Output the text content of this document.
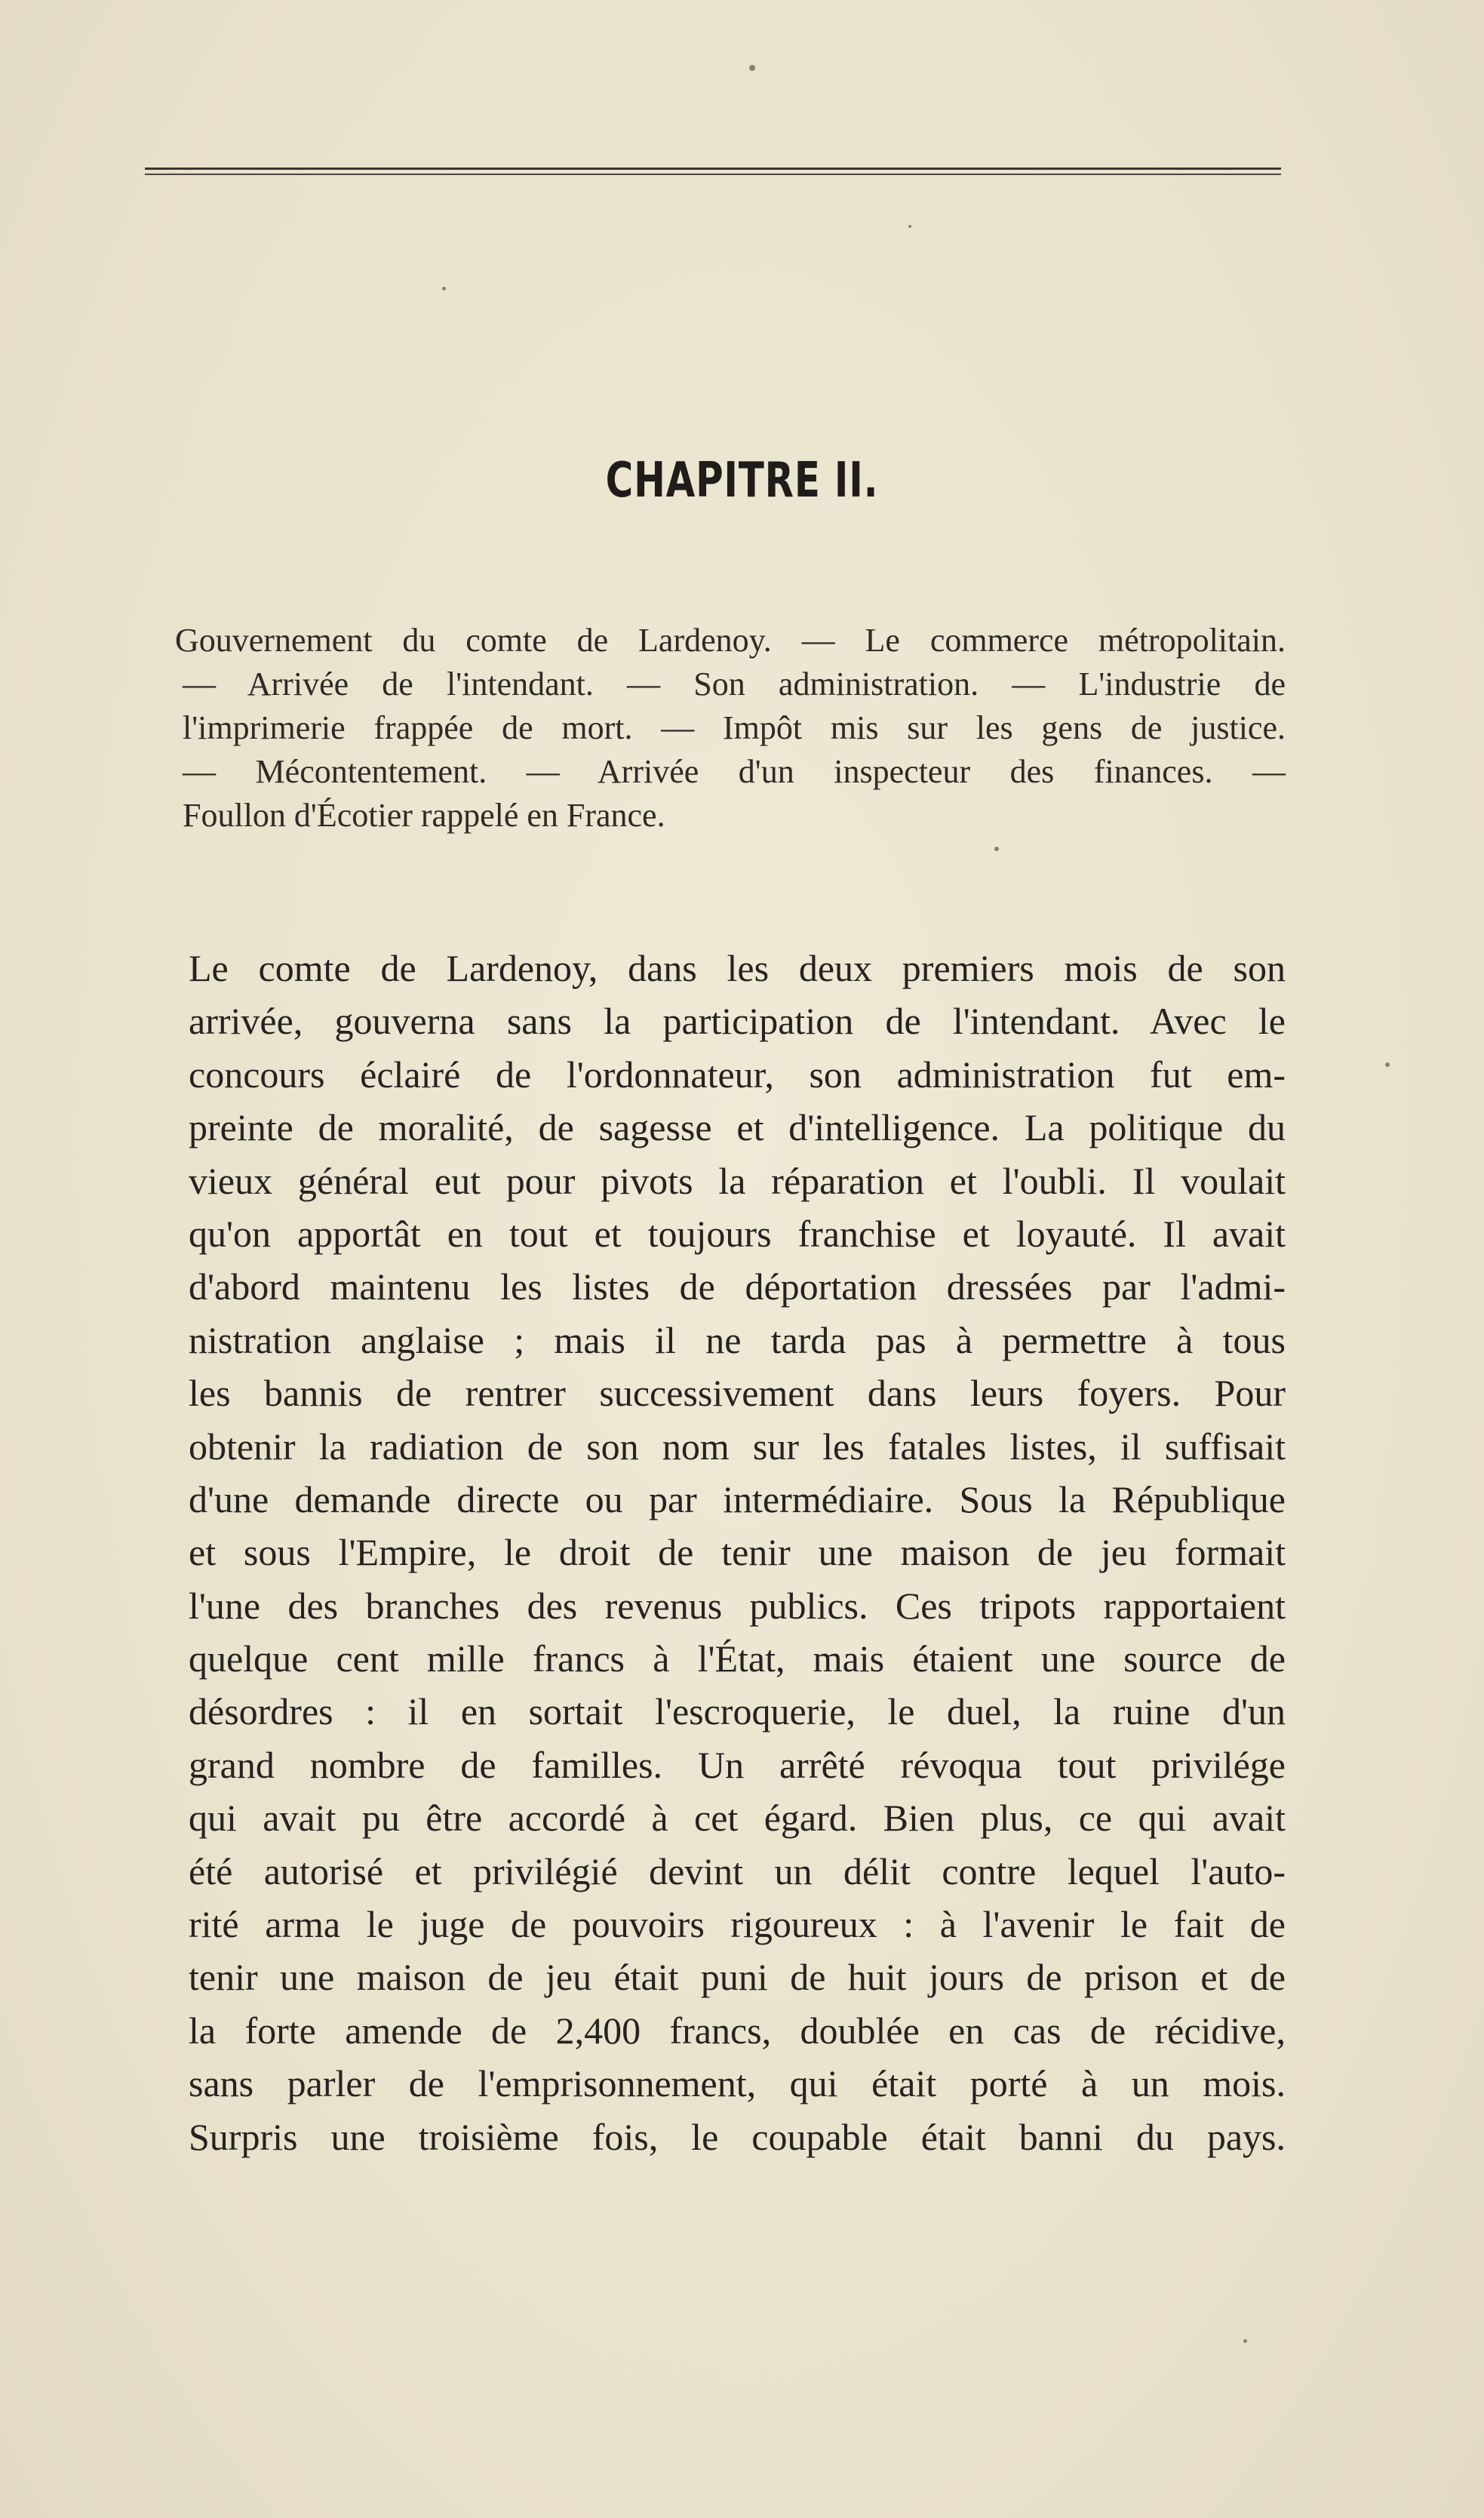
CHAPITRE II.
Gouvernement du comte de Lardenoy. — Le commerce métropolitain.
— Arrivée de l'intendant. — Son administration. — L'industrie de
l'imprimerie frappée de mort. — Impôt mis sur les gens de justice.
— Mécontentement. — Arrivée d'un inspecteur des finances. —
Foullon d'Écotier rappelé en France.
Le comte de Lardenoy, dans les deux premiers mois de son
arrivée, gouverna sans la participation de l'intendant. Avec le
concours éclairé de l'ordonnateur, son administration fut em-
preinte de moralité, de sagesse et d'intelligence. La politique du
vieux général eut pour pivots la réparation et l'oubli. Il voulait
qu'on apportât en tout et toujours franchise et loyauté. Il avait
d'abord maintenu les listes de déportation dressées par l'admi-
nistration anglaise ; mais il ne tarda pas à permettre à tous
les bannis de rentrer successivement dans leurs foyers. Pour
obtenir la radiation de son nom sur les fatales listes, il suffisait
d'une demande directe ou par intermédiaire. Sous la République
et sous l'Empire, le droit de tenir une maison de jeu formait
l'une des branches des revenus publics. Ces tripots rapportaient
quelque cent mille francs à l'État, mais étaient une source de
désordres : il en sortait l'escroquerie, le duel, la ruine d'un
grand nombre de familles. Un arrêté révoqua tout privilége
qui avait pu être accordé à cet égard. Bien plus, ce qui avait
été autorisé et privilégié devint un délit contre lequel l'auto-
rité arma le juge de pouvoirs rigoureux : à l'avenir le fait de
tenir une maison de jeu était puni de huit jours de prison et de
la forte amende de 2,400 francs, doublée en cas de récidive,
sans parler de l'emprisonnement, qui était porté à un mois.
Surpris une troisième fois, le coupable était banni du pays.
